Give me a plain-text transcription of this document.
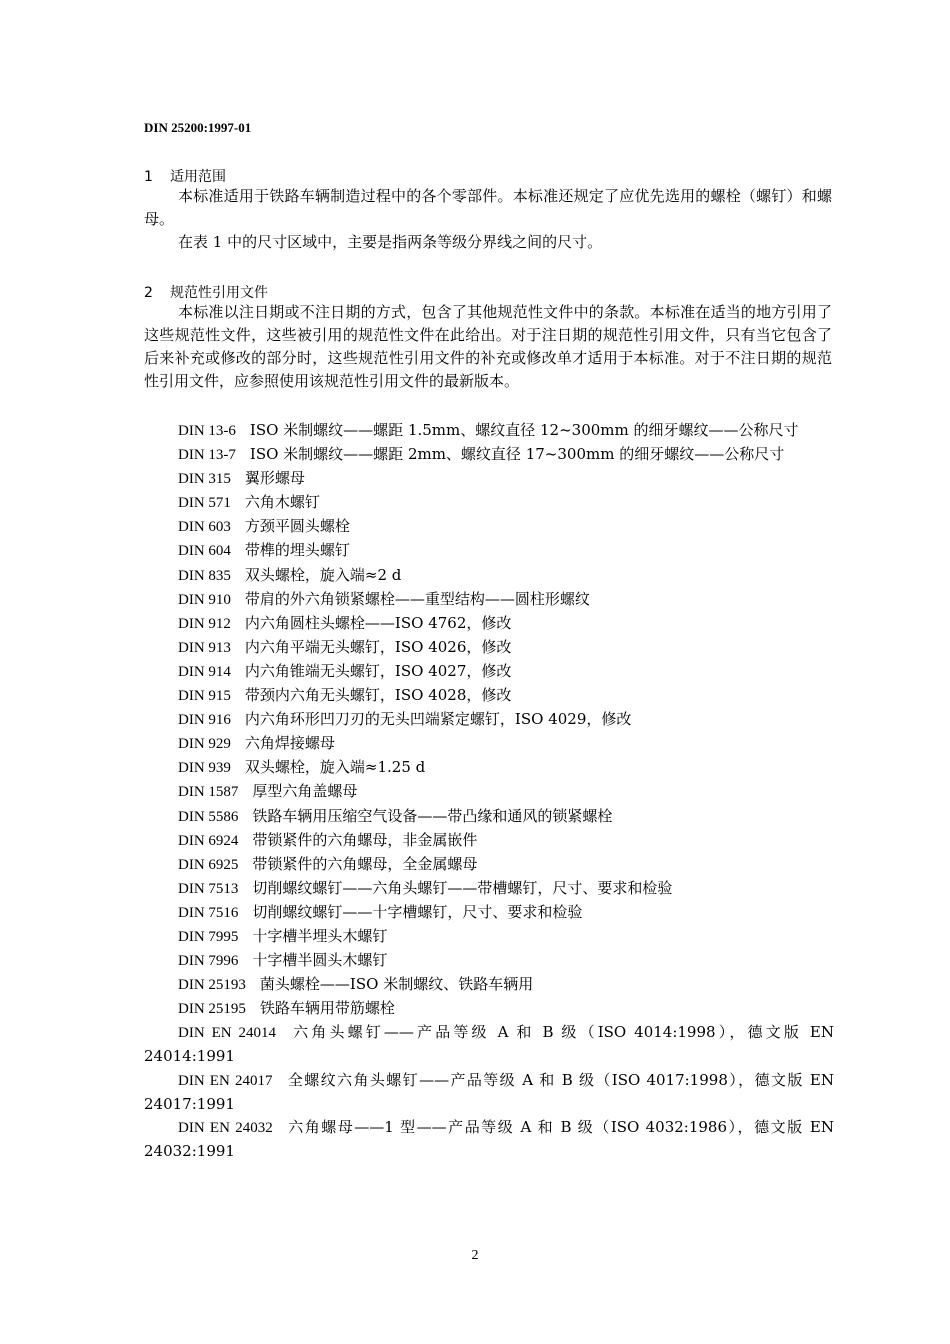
DIN 25200:1997-01
1 适用范围

本标准适用于铁路车辆制造过程中的各个零部件。本标准还规定了应优先选用的螺栓（螺钉）和螺母。

在表 1 中的尺寸区域中，主要是指两条等级分界线之间的尺寸。

2 规范性引用文件

本标准以注日期或不注日期的方式，包含了其他规范性文件中的条款。本标准在适当的地方引用了这些规范性文件，这些被引用的规范性文件在此给出。对于注日期的规范性引用文件，只有当它包含了后来补充或修改的部分时，这些规范性引用文件的补充或修改单才适用于本标准。对于不注日期的规范性引用文件，应参照使用该规范性引用文件的最新版本。

DIN 13-6 ISO 米制螺纹——螺距 1.5mm、螺纹直径 12~300mm 的细牙螺纹——公称尺寸
DIN 13-7 ISO 米制螺纹——螺距 2mm、螺纹直径 17~300mm 的细牙螺纹——公称尺寸
DIN 315 翼形螺母
DIN 571 六角木螺钉
DIN 603 方颈平圆头螺栓
DIN 604 带榫的埋头螺钉
DIN 835 双头螺栓，旋入端≈2 d
DIN 910 带肩的外六角锁紧螺栓——重型结构——圆柱形螺纹
DIN 912 内六角圆柱头螺栓——ISO 4762，修改
DIN 913 内六角平端无头螺钉，ISO 4026，修改
DIN 914 内六角锥端无头螺钉，ISO 4027，修改
DIN 915 带颈内六角无头螺钉，ISO 4028，修改
DIN 916 内六角环形凹刀刃的无头凹端紧定螺钉，ISO 4029，修改
DIN 929 六角焊接螺母
DIN 939 双头螺栓，旋入端≈1.25 d
DIN 1587 厚型六角盖螺母
DIN 5586 铁路车辆用压缩空气设备——带凸缘和通风的锁紧螺栓
DIN 6924 带锁紧件的六角螺母，非金属嵌件
DIN 6925 带锁紧件的六角螺母，全金属螺母
DIN 7513 切削螺纹螺钉——六角头螺钉——带槽螺钉，尺寸、要求和检验
DIN 7516 切削螺纹螺钉——十字槽螺钉，尺寸、要求和检验
DIN 7995 十字槽半埋头木螺钉
DIN 7996 十字槽半圆头木螺钉
DIN 25193 菌头螺栓——ISO 米制螺纹、铁路车辆用
DIN 25195 铁路车辆用带筋螺栓
DIN EN 24014 六角头螺钉——产品等级 A 和 B 级（ISO 4014:1998），德文版 EN 24014:1991
DIN EN 24017 全螺纹六角头螺钉——产品等级 A 和 B 级（ISO 4017:1998），德文版 EN 24017:1991
DIN EN 24032 六角螺母——1 型——产品等级 A 和 B 级（ISO 4032:1986），德文版 EN 24032:1991
2
